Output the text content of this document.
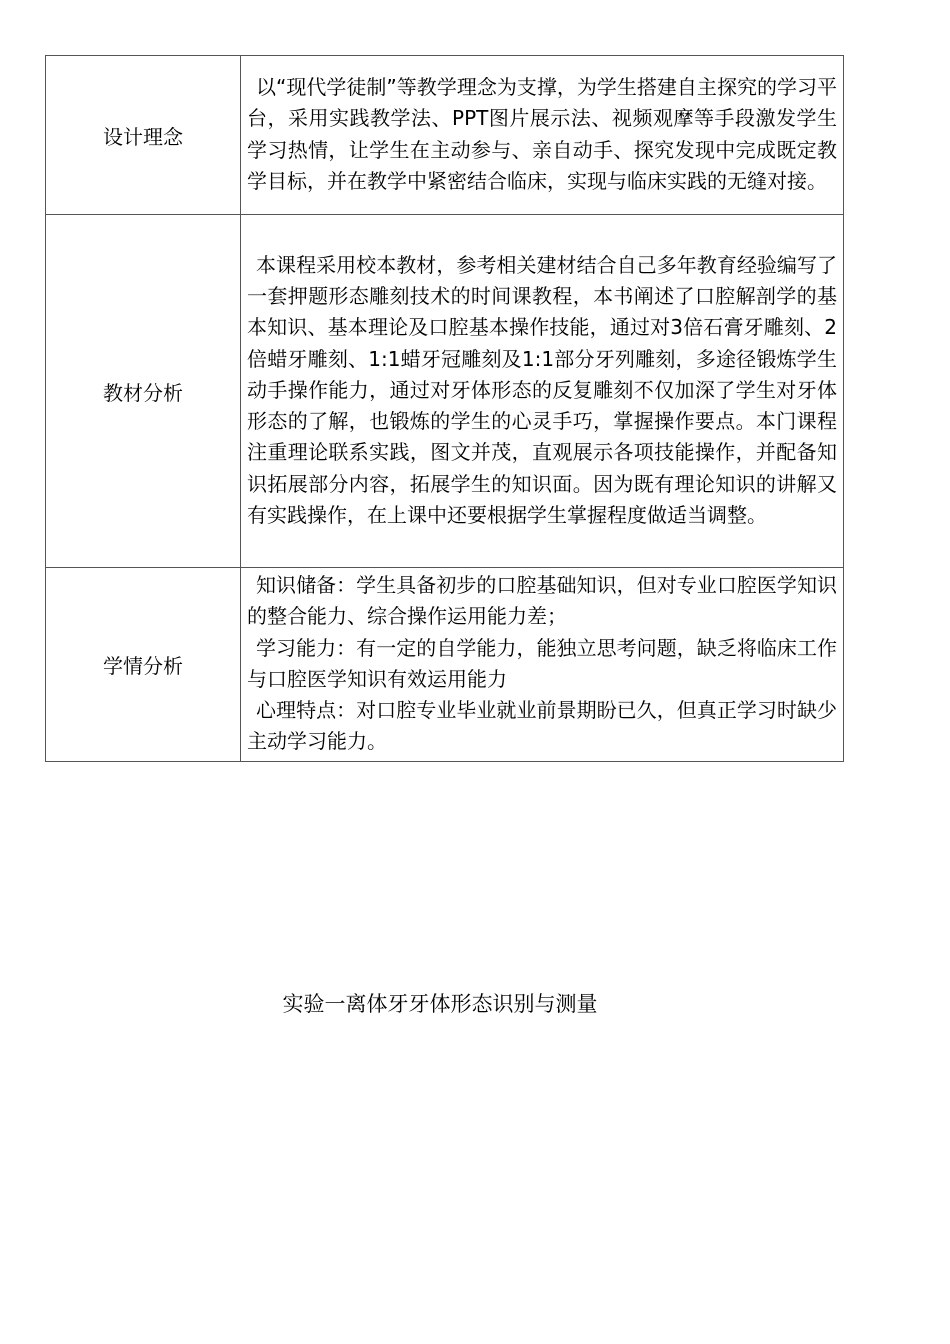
设计理念	以“现代学徒制”等教学理念为支撑，为学生搭建自主探究的学习平台，采用实践教学法、PPT图片展示法、视频观摩等手段激发学生学习热情，让学生在主动参与、亲自动手、探究发现中完成既定教学目标，并在教学中紧密结合临床，实现与临床实践的无缝对接。

教材分析	本课程采用校本教材，参考相关建材结合自己多年教育经验编写了一套押题形态雕刻技术的时间课教程，本书阐述了口腔解剖学的基本知识、基本理论及口腔基本操作技能，通过对3倍石膏牙雕刻、2倍蜡牙雕刻、1:1蜡牙冠雕刻及1:1部分牙列雕刻，多途径锻炼学生动手操作能力，通过对牙体形态的反复雕刻不仅加深了学生对牙体形态的了解，也锻炼的学生的心灵手巧，掌握操作要点。本门课程注重理论联系实践，图文并茂，直观展示各项技能操作，并配备知识拓展部分内容，拓展学生的知识面。因为既有理论知识的讲解又有实践操作，在上课中还要根据学生掌握程度做适当调整。

学情分析	知识储备：学生具备初步的口腔基础知识，但对专业口腔医学知识的整合能力、综合操作运用能力差；
学习能力：有一定的自学能力，能独立思考问题，缺乏将临床工作与口腔医学知识有效运用能力
心理特点：对口腔专业毕业就业前景期盼已久，但真正学习时缺少主动学习能力。
实验一离体牙牙体形态识别与测量
